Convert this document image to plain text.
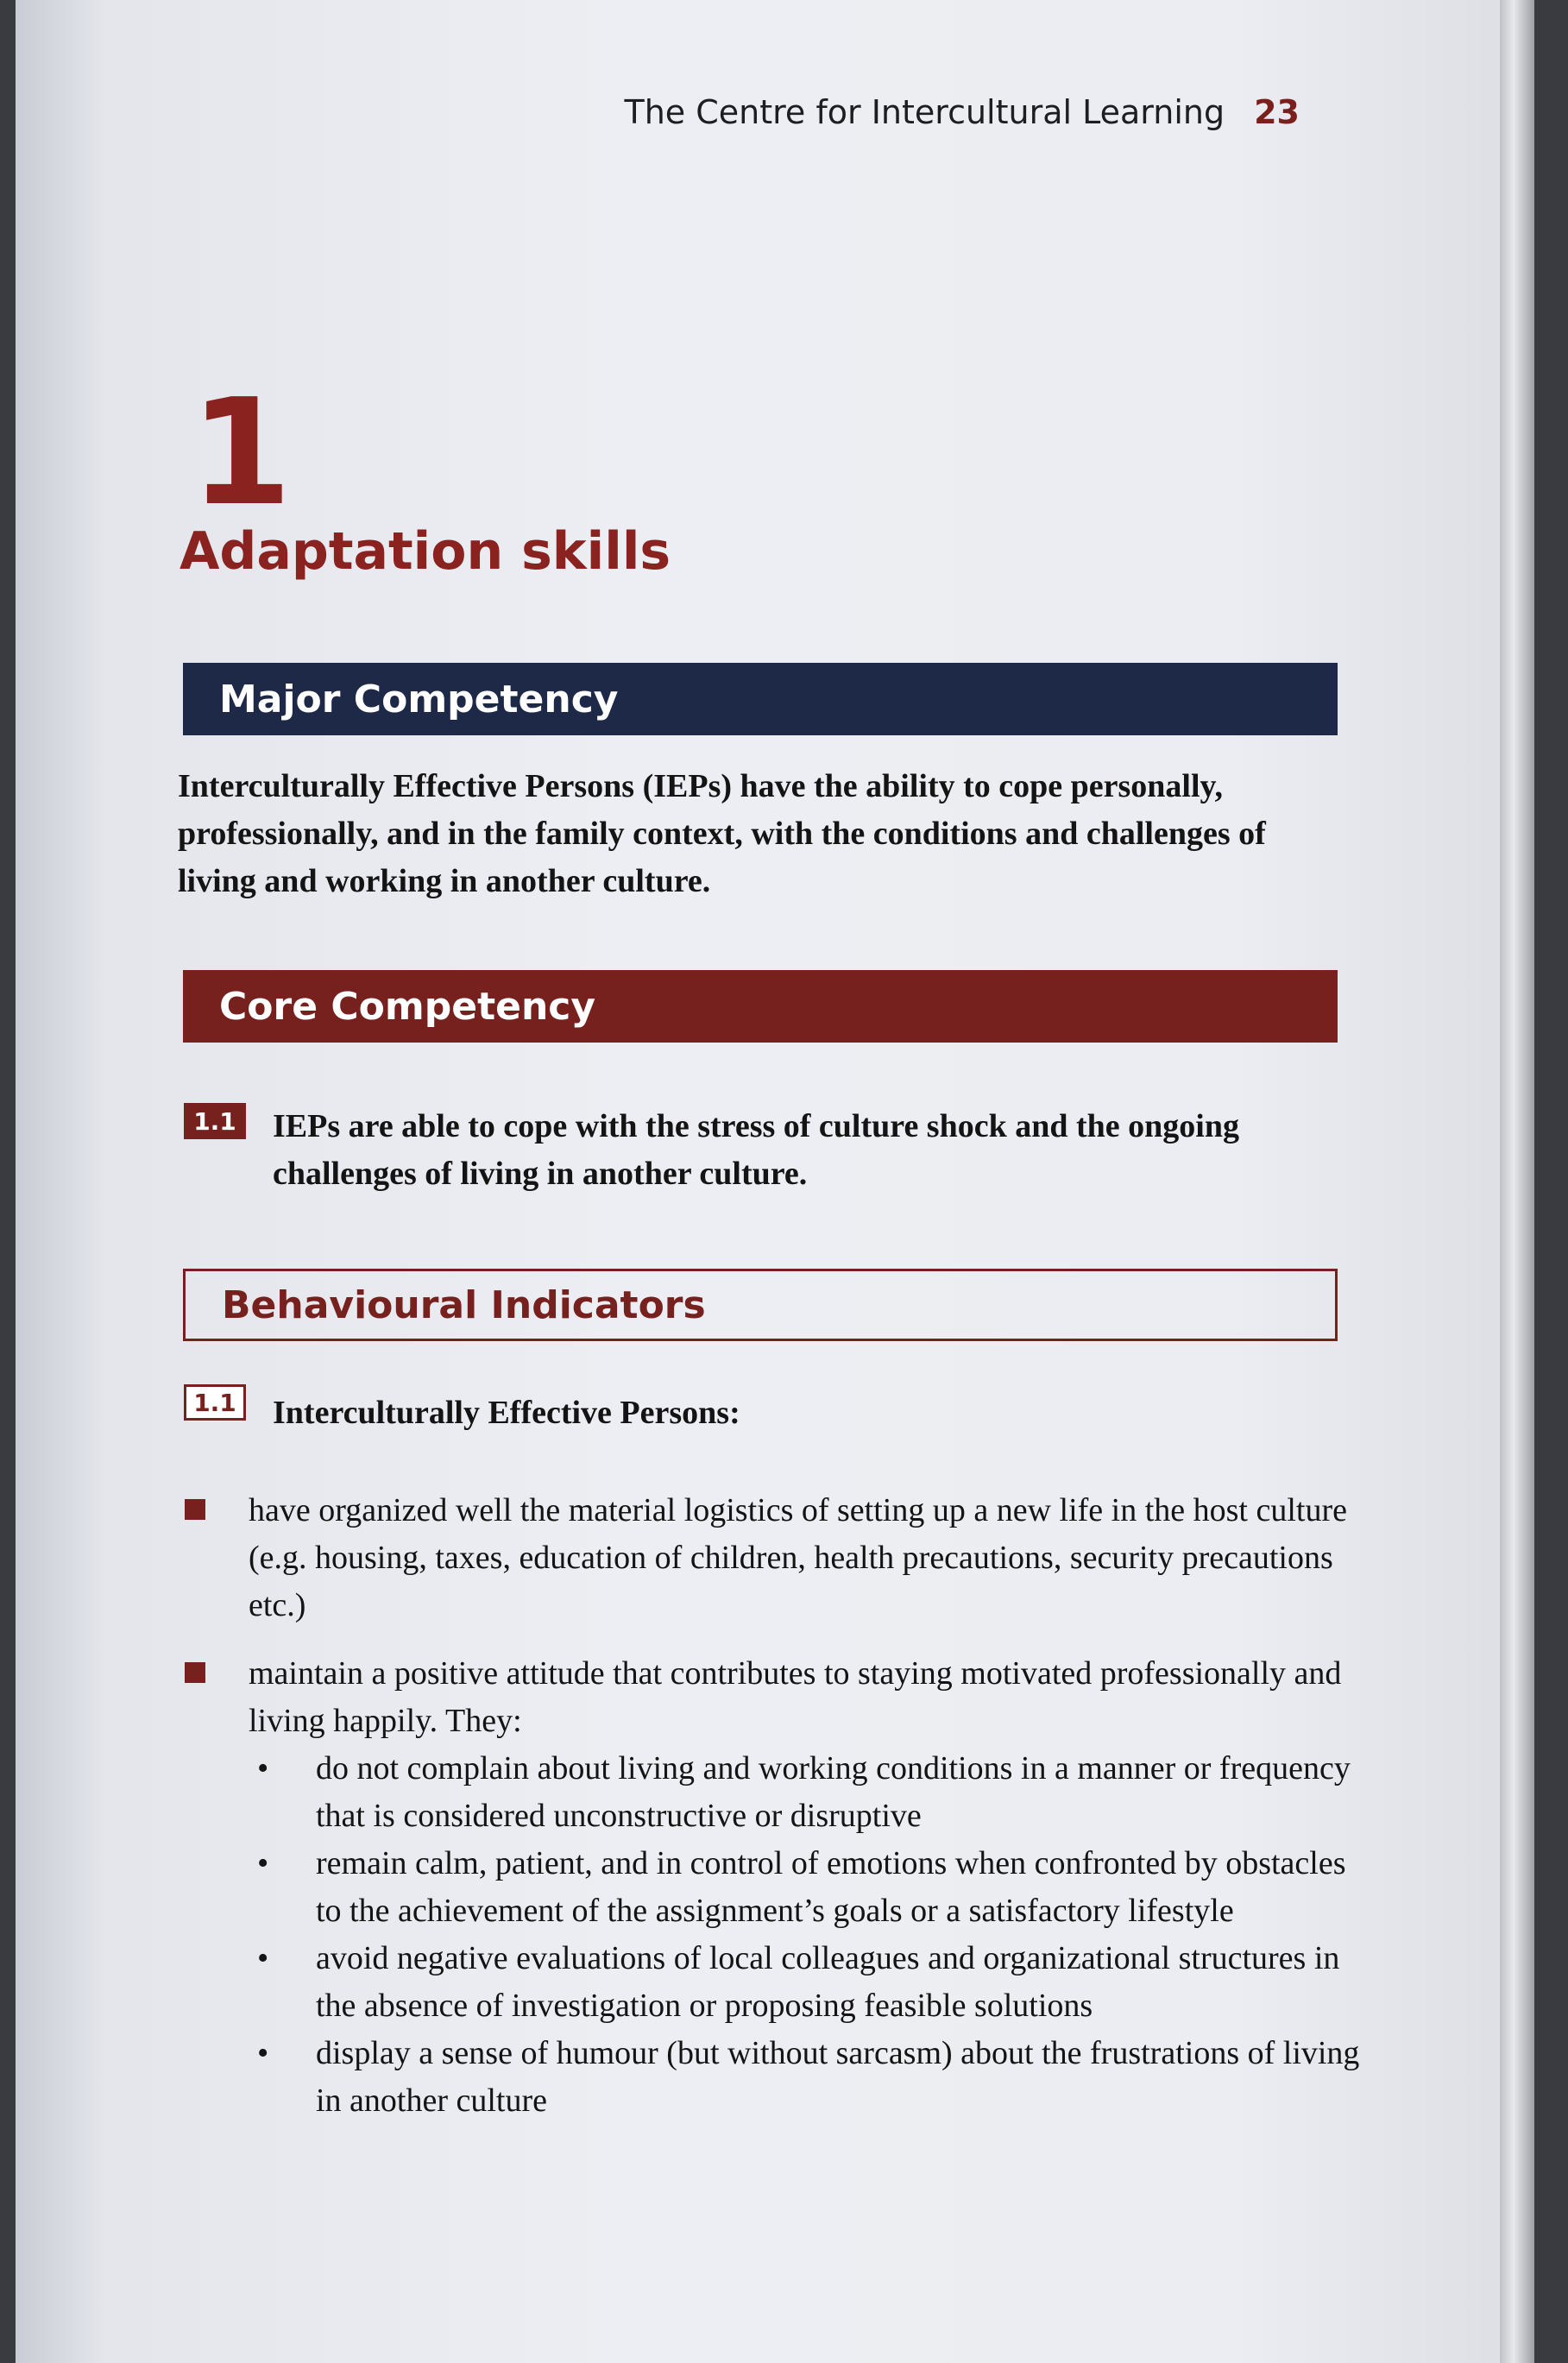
The Centre for Intercultural Learning 23
1
Adaptation skills
Major Competency
Interculturally Effective Persons (IEPs) have the ability to cope personally, professionally, and in the family context, with the conditions and challenges of living and working in another culture.
Core Competency
1.1 IEPs are able to cope with the stress of culture shock and the ongoing challenges of living in another culture.
Behavioural Indicators
1.1 Interculturally Effective Persons:
have organized well the material logistics of setting up a new life in the host culture (e.g. housing, taxes, education of children, health precautions, security precautions etc.)
maintain a positive attitude that contributes to staying motivated professionally and living happily. They:
• do not complain about living and working conditions in a manner or frequency that is considered unconstructive or disruptive
• remain calm, patient, and in control of emotions when confronted by obstacles to the achievement of the assignment’s goals or a satisfactory lifestyle
• avoid negative evaluations of local colleagues and organizational structures in the absence of investigation or proposing feasible solutions
• display a sense of humour (but without sarcasm) about the frustrations of living in another culture
